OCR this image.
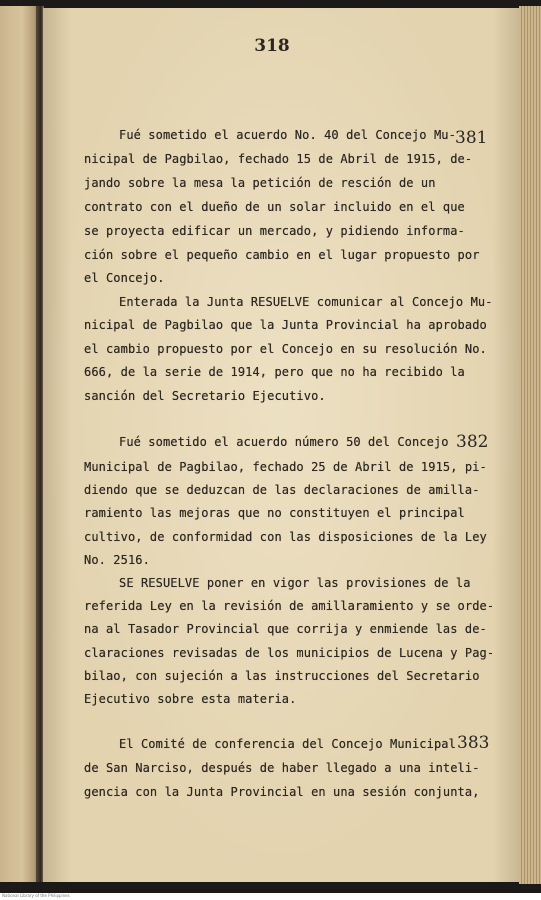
318
381
382
383
Fué sometido el acuerdo No. 40 del Concejo Mu-
nicipal de Pagbilao, fechado 15 de Abril de 1915, de-
jando sobre la mesa la petición de resción de un
contrato con el dueño de un solar incluido en el que
se proyecta edificar un mercado, y pidiendo informa-
ción sobre el pequeño cambio en el lugar propuesto por
el Concejo.
Enterada la Junta RESUELVE comunicar al Concejo Mu-
nicipal de Pagbilao que la Junta Provincial ha aprobado
el cambio propuesto por el Concejo en su resolución No.
666, de la serie de 1914, pero que no ha recibido la
sanción del Secretario Ejecutivo.
Fué sometido el acuerdo número 50 del Concejo
Municipal de Pagbilao, fechado 25 de Abril de 1915, pi-
diendo que se deduzcan de las declaraciones de amilla-
ramiento las mejoras que no constituyen el principal
cultivo, de conformidad con las disposiciones de la Ley
No. 2516.
SE RESUELVE poner en vigor las provisiones de la
referida Ley en la revisión de amillaramiento y se orde-
na al Tasador Provincial que corrija y enmiende las de-
claraciones revisadas de los municipios de Lucena y Pag-
bilao, con sujeción a las instrucciones del Secretario
Ejecutivo sobre esta materia.
El Comité de conferencia del Concejo Municipal
de San Narciso, después de haber llegado a una inteli-
gencia con la Junta Provincial en una sesión conjunta,
National Library of the Philippines
